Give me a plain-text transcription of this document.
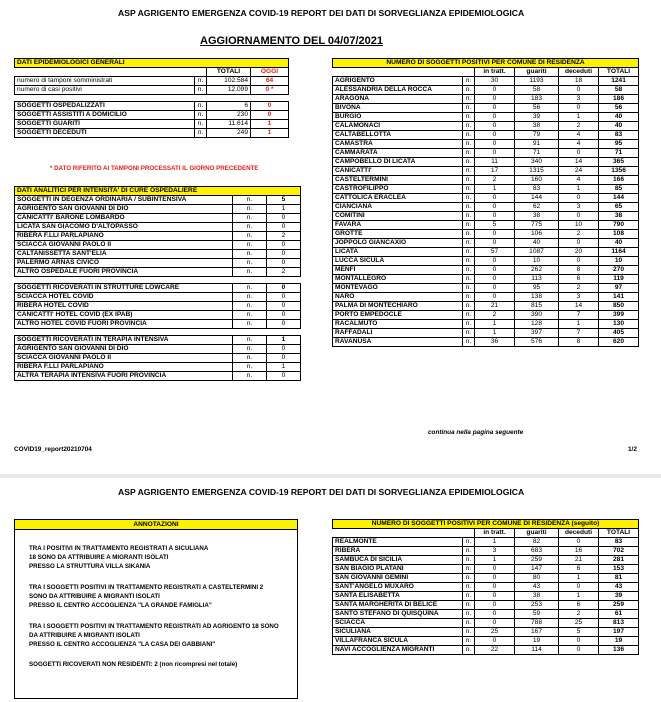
ASP AGRIGENTO EMERGENZA COVID-19 REPORT DEI DATI DI SORVEGLIANZA EPIDEMIOLOGICA
AGGIORNAMENTO DEL 04/07/2021
DATI EPIDEMIOLOGICI GENERALI			
		TOTALI	OGGI
numero di tamponi somministrati	n.	102.584	64
numero di casi positivi	n.	12.099	0 *

SOGGETTI OSPEDALIZZATI	n.	6	0
SOGGETTI ASSISTITI A DOMICILIO	n.	230	0
SOGGETTI GUARITI	n.	11.614	1
SOGGETTI DECEDUTI	n.	249	1
* DATO RIFERITO AI TAMPONI PROCESSATI IL GIORNO PRECEDENTE
DATI ANALITICI PER INTENSITA' DI CURE OSPEDALIERE		
SOGGETTI IN DEGENZA ORDINARIA / SUBINTENSIVA	n.	5
AGRIGENTO SAN GIOVANNI DI DIO	n.	1
CANICATTI' BARONE LOMBARDO	n.	0
LICATA SAN GIACOMO D'ALTOPASSO	n.	0
RIBERA F.LLI PARLAPIANO	n.	2
SCIACCA GIOVANNI PAOLO II	n.	0
CALTANISSETTA SANT'ELIA	n.	0
PALERMO ARNAS CIVICO	n.	0
ALTRO OSPEDALE FUORI PROVINCIA	n.	2

SOGGETTI RICOVERATI IN STRUTTURE LOWCARE	n.	0
SCIACCA HOTEL COVID	n.	0
RIBERA HOTEL COVID	n.	0
CANICATTI' HOTEL COVID (EX IPAB)	n.	0
ALTRO HOTEL COVID FUORI PROVINCIA	n.	0

SOGGETTI RICOVERATI IN TERAPIA INTENSIVA	n.	1
AGRIGENTO SAN GIOVANNI DI DIO	n.	0
SCIACCA GIOVANNI PAOLO II	n.	0
RIBERA F.LLI PARLAPIANO	n.	1
ALTRA TERAPIA INTENSIVA FUORI PROVINCIA	n.	0
NUMERO DI SOGGETTI POSITIVI PER COMUNE DI RESIDENZA					
		in tratt.	guariti	deceduti	TOTALI
AGRIGENTO	n.	30	1193	18	1241
ALESSANDRIA DELLA ROCCA	n.	0	58	0	58
ARAGONA	n.	0	183	3	186
BIVONA	n.	0	56	0	56
BURGIO	n.	0	39	1	40
CALAMONACI	n.	0	38	2	40
CALTABELLOTTA	n.	0	79	4	83
CAMASTRA	n.	0	91	4	95
CAMMARATA	n.	0	71	0	71
CAMPOBELLO DI LICATA	n.	11	340	14	365
CANICATTI'	n.	17	1315	24	1356
CASTELTERMINI	n.	2	160	4	166
CASTROFILIPPO	n.	1	83	1	85
CATTOLICA ERACLEA	n.	0	144	0	144
CIANCIANA	n.	0	62	3	65
COMITINI	n.	0	38	0	38
FAVARA	n.	5	775	10	790
GROTTE	n.	0	106	2	108
JOPPOLO GIANCAXIO	n.	0	40	0	40
LICATA	n.	57	1087	20	1164
LUCCA SICULA	n.	0	10	0	10
MENFI	n.	0	262	8	270
MONTALLEGRO	n.	0	113	6	119
MONTEVAGO	n.	0	95	2	97
NARO	n.	0	138	3	141
PALMA DI MONTECHIARO	n.	21	815	14	850
PORTO EMPEDOCLE	n.	2	390	7	399
RACALMUTO	n.	1	128	1	130
RAFFADALI	n.	1	397	7	405
RAVANUSA	n.	36	576	8	620
continua nella pagina seguente
COVID19_report20210704	1/2
ASP AGRIGENTO EMERGENZA COVID-19 REPORT DEI DATI DI SORVEGLIANZA EPIDEMIOLOGICA
ANNOTAZIONI
TRA I POSITIVI IN TRATTAMENTO REGISTRATI A SICULIANA
18 SONO DA ATTRIBUIRE A MIGRANTI ISOLATI
PRESSO LA STRUTTURA VILLA SIKANIA
TRA I SOGGETTI POSITIVI IN TRATTAMENTO REGISTRATI A CASTELTERMINI 2
SONO DA ATTRIBUIRE A MIGRANTI ISOLATI
PRESSO IL CENTRO ACCOGLIENZA "LA GRANDE FAMIGLIA"
TRA I SOGGETTI POSITIVI IN TRATTAMENTO REGISTRATI AD AGRIGENTO 18 SONO
DA ATTRIBUIRE A MIGRANTI ISOLATI
PRESSO IL CENTRO ACCOGLIENZA "LA CASA DEI GABBIANI"
SOGGETTI RICOVERATI NON RESIDENTI: 2 (non ricompresi nel totale)
NUMERO DI SOGGETTI POSITIVI PER COMUNE DI RESIDENZA (seguito)					
		in tratt.	guariti	deceduti	TOTALI
REALMONTE	n.	1	82	0	83
RIBERA	n.	3	683	16	702
SAMBUCA DI SICILIA	n.	1	259	21	281
SAN BIAGIO PLATANI	n.	0	147	6	153
SAN GIOVANNI GEMINI	n.	0	80	1	81
SANT'ANGELO MUXARO	n.	0	43	0	43
SANTA ELISABETTA	n.	0	38	1	39
SANTA MARGHERITA DI BELICE	n.	0	253	6	259
SANTO STEFANO DI QUISQUINA	n.	0	59	2	61
SCIACCA	n.	0	788	25	813
SICULIANA	n.	25	167	5	197
VILLAFRANCA SICULA	n.	0	19	0	19
NAVI ACCOGLIENZA MIGRANTI	n.	22	114	0	136
